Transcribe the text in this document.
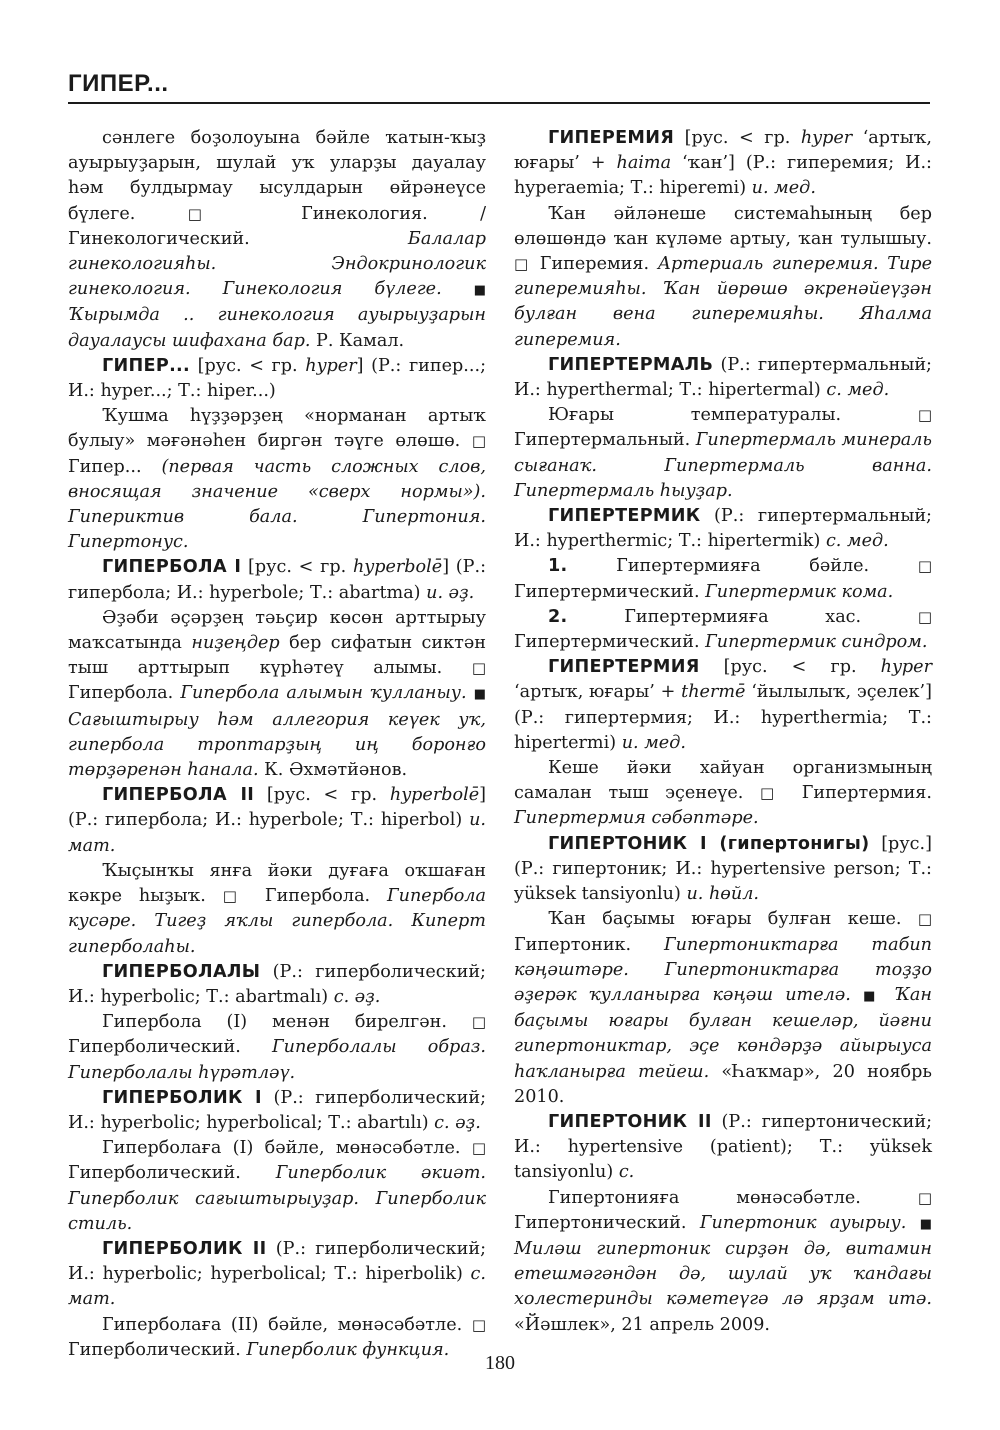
ГИПЕР...

сәнлеге боҙолоуына бәйле ҡатын-ҡыҙ ауырыуҙарын, шулай уҡ уларҙы дауалау һәм булдырмау ысулдарын өйрәнеүсе бүлеге. □ Гинекология. / Гинекологический. Балалар гинекологияһы. Эндокринологик гинекология. Гинекология бүлеге. ■ Ҡырымда .. гинекология ауырыуҙарын дауалаусы шифахана бар. Р. Камал.

ГИПЕР... [рус. < гр. hyper] (Р.: гипер...; И.: hyper...; Т.: hiper...)

Ҡушма һүҙҙәрҙең «норманан артыҡ булыу» мәғәнәһен биргән тәүге өлөшө. □ Гипер... (первая часть сложных слов, вносящая значение «сверх нормы»). Гипериктив бала. Гипертония. Гипертонус.

ГИПЕРБОЛА I [рус. < гр. hyperbolē] (Р.: гипербола; И.: hyperbole; Т.: abartma) и. әҙ.

Әҙәби әҫәрҙең тәьҫир көсөн арттырыу маҡсатында ниҙеңдер бер сифатын сиктән тыш арттырып күрһәтеү алымы. □ Гипербола. Гипербола алымын ҡулланыу. ■ Сағыштырыу һәм аллегория кеүек уҡ, гипербола троптарҙың иң боронғо төрҙәренән һанала. К. Әхмәтйәнов.

ГИПЕРБОЛА II [рус. < гр. hyperbolē] (Р.: гипербола; И.: hyperbole; Т.: hiperbol) и. мат.

Ҡыҫынҡы янға йәки дуғаға оҡшаған кәкре һыҙыҡ. □ Гипербола. Гипербола кусәре. Тигеҙ яҡлы гипербола. Киперт гиперболаһы.

ГИПЕРБОЛАЛЫ (Р.: гиперболический; И.: hyperbolic; Т.: abartmalı) с. әҙ.

Гипербола (I) менән бирелгән. □ Гиперболический. Гиперболалы образ. Гиперболалы һүрәтләү.

ГИПЕРБОЛИК I (Р.: гиперболический; И.: hyperbolic; hyperbolical; Т.: abartılı) с. әҙ.

Гиперболаға (I) бәйле, мөнәсәбәтле. □ Гиперболический. Гиперболик әкиәт. Гиперболик сағыштырыуҙар. Гиперболик стиль.

ГИПЕРБОЛИК II (Р.: гиперболический; И.: hyperbolic; hyperbolical; Т.: hiperbolik) с. мат.

Гиперболаға (II) бәйле, мөнәсәбәтле. □ Гиперболический. Гиперболик функция.

ГИПЕРЕМИЯ [рус. < гр. hyper ‘артыҡ, юғары’ + haima ‘ҡан’] (Р.: гиперемия; И.: hyperaemia; Т.: hiperemi) и. мед.

Ҡан әйләнеше системаһының бер өлөшөндә ҡан күләме артыу, ҡан тулышыу. □ Гиперемия. Артериаль гиперемия. Тире гиперемияһы. Ҡан йөрөшө әкренәйеүҙән булған вена гиперемияһы. Яһалма гиперемия.

ГИПЕРТЕРМАЛЬ (Р.: гипертермальный; И.: hyperthermal; Т.: hipertermal) с. мед.

Юғары температуралы. □ Гипертермальный. Гипертермаль минераль сығанаҡ. Гипертермаль ванна. Гипертермаль һыуҙар.

ГИПЕРТЕРМИК (Р.: гипертермальный; И.: hyperthermic; Т.: hipertermik) с. мед.

1. Гипертермияға бәйле. □ Гипертермический. Гипертермик кома.

2. Гипертермияға хас. □ Гипертермический. Гипертермик синдром.

ГИПЕРТЕРМИЯ [рус. < гр. hyper ‘артыҡ, юғары’ + thermē ‘йылылыҡ, эҫелек’] (Р.: гипертермия; И.: hyperthermia; Т.: hipertermi) и. мед.

Кеше йәки хайуан организмының самалан тыш эҫенеүе. □ Гипертермия. Гипертермия сәбәптәре.

ГИПЕРТОНИК I (гипертонигы) [рус.] (Р.: гипертоник; И.: hypertensive person; Т.: yüksek tansiyonlu) и. һөйл.

Ҡан баҫымы юғары булған кеше. □ Гипертоник. Гипертониктарға табип кәңәштәре. Гипертониктарға тоҙҙо әҙерәк ҡулланырға кәңәш ителә. ■ Ҡан баҫымы юғары булған кешеләр, йәғни гипертониктар, эҫе көндәрҙә айырыуса һаҡланырға тейеш. «Һаҡмар», 20 ноябрь 2010.

ГИПЕРТОНИК II (Р.: гипертонический; И.: hypertensive (patient); Т.: yüksek tansiyonlu) с.

Гипертонияға мөнәсәбәтле. □ Гипертонический. Гипертоник ауырыу. ■ Миләш гипертоник сирҙән дә, витамин етешмәгәндән дә, шулай уҡ ҡандағы холестеринды кәметеүгә лә ярҙам итә. «Йәшлек», 21 апрель 2009.

180
